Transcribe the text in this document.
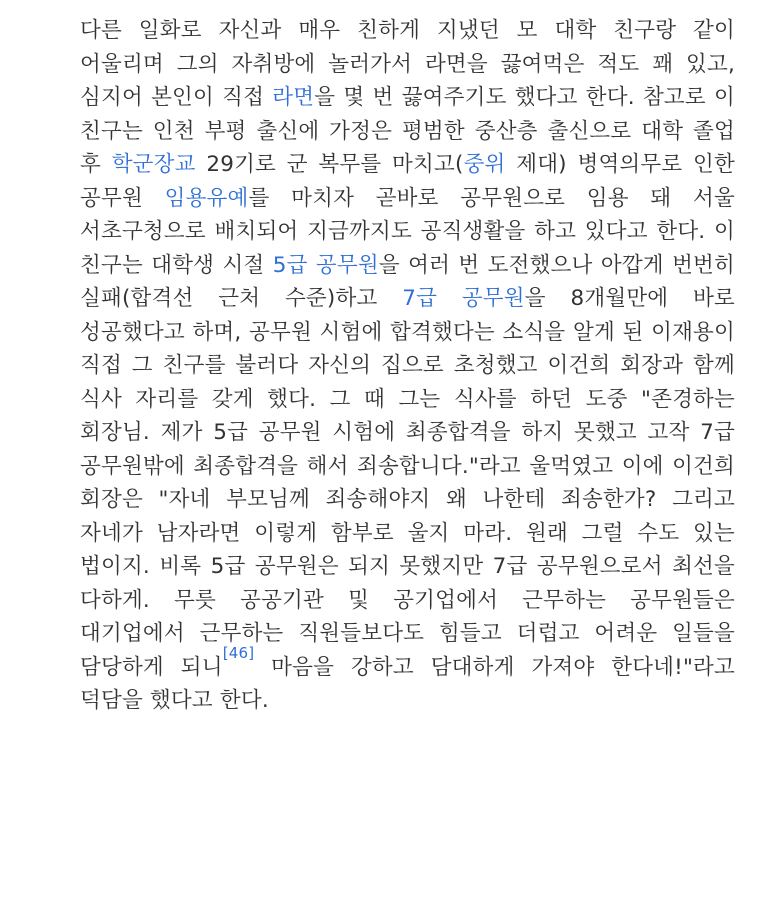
다른 일화로 자신과 매우 친하게 지냈던 모 대학 친구랑 같이 어울리며 그의 자취방에 놀러가서 라면을 끓여먹은 적도 꽤 있고, 심지어 본인이 직접 라면을 몇 번 끓여주기도 했다고 한다. 참고로 이 친구는 인천 부평 출신에 가정은 평범한 중산층 출신으로 대학 졸업 후 학군장교 29기로 군 복무를 마치고(중위 제대) 병역의무로 인한 공무원 임용유예를 마치자 곧바로 공무원으로 임용 돼 서울 서초구청으로 배치되어 지금까지도 공직생활을 하고 있다고 한다. 이 친구는 대학생 시절 5급 공무원을 여러 번 도전했으나 아깝게 번번히 실패(합격선 근처 수준)하고 7급 공무원을 8개월만에 바로 성공했다고 하며, 공무원 시험에 합격했다는 소식을 알게 된 이재용이 직접 그 친구를 불러다 자신의 집으로 초청했고 이건희 회장과 함께 식사 자리를 갖게 했다. 그 때 그는 식사를 하던 도중 "존경하는 회장님. 제가 5급 공무원 시험에 최종합격을 하지 못했고 고작 7급 공무원밖에 최종합격을 해서 죄송합니다."라고 울먹였고 이에 이건희 회장은 "자네 부모님께 죄송해야지 왜 나한테 죄송한가? 그리고 자네가 남자라면 이렇게 함부로 울지 마라. 원래 그럴 수도 있는 법이지. 비록 5급 공무원은 되지 못했지만 7급 공무원으로서 최선을 다하게. 무릇 공공기관 및 공기업에서 근무하는 공무원들은 대기업에서 근무하는 직원들보다도 힘들고 더럽고 어려운 일들을 담당하게 되니[46] 마음을 강하고 담대하게 가져야 한다네!"라고 덕담을 했다고 한다.
